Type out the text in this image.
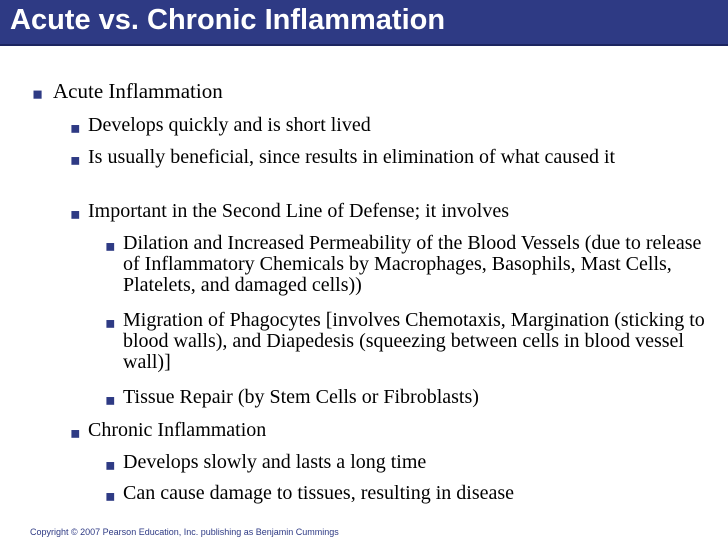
Acute vs. Chronic Inflammation
▪ Acute Inflammation
▪ Develops quickly and is short lived
▪ Is usually beneficial, since results in elimination of what caused it
▪ Important in the Second Line of Defense; it involves
▪ Dilation and Increased Permeability of the Blood Vessels (due to release of Inflammatory Chemicals by Macrophages, Basophils, Mast Cells, Platelets, and damaged cells))
▪ Migration of Phagocytes [involves Chemotaxis, Margination (sticking to blood walls), and Diapedesis (squeezing between cells in blood vessel wall)]
▪ Tissue Repair (by Stem Cells or Fibroblasts)
▪ Chronic Inflammation
▪ Develops slowly and lasts a long time
▪ Can cause damage to tissues, resulting in disease
Copyright © 2007 Pearson Education, Inc. publishing as Benjamin Cummings
